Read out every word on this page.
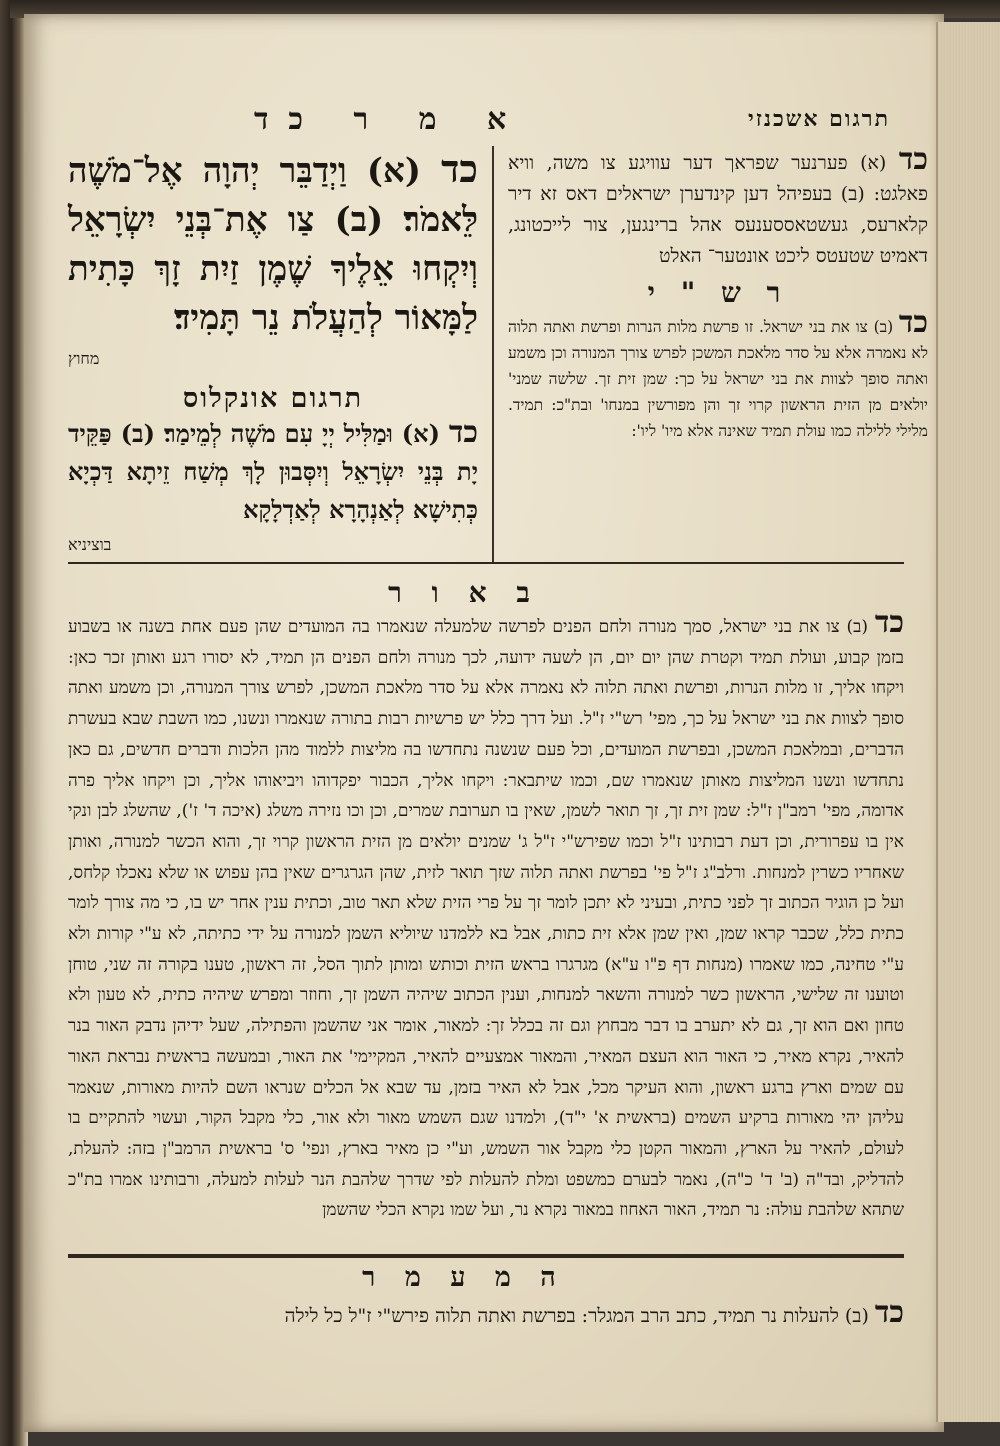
תרגום אשכנזי
א מ ר כד
כד (א) פערנער שפראך דער עוויגע צו משה, וויא פאלגט: (ב) בעפיהל דען קינדערן ישראלים דאס זא דיר קלארעס, געשטאססענעס אהל ברינגען, צור לייכטונג, דאמיט שטעטס ליכט אונטער־ האלט
ר ש " י
כד (ב) צו את בני ישראל. זו פרשת מלות הנרות ופרשת ואתה תלוה לא נאמרה אלא על סדר מלאכת המשכן לפרש צורך המנורה וכן משמע ואתה סופך לצוות את בני ישראל על כך: שמן זית זך. שלשה שמני' יולאים מן הזית הראשון קרוי זך והן מפורשין במנחו' ובת"כ: תמיד. מלילי ללילה כמו עולת תמיד שאינה אלא מיו' ליו':
כד (א) וַיְדַבֵּר יְהוָה אֶל־מֹשֶׁה לֵּאמֹר׃ (ב) צַו אֶת־בְּנֵי יִשְׂרָאֵל וְיִקְחוּ אֵלֶיךָ שֶׁמֶן זַיִת זָךְ כָּתִית לַמָּאוֹר לְהַעֲלֹת נֵר תָּמִיד׃
מחוץ
תרגום אונקלוס
כד (א) וּמַלִּיל יְיָ עִם מֹשֶׁה לְמֵימַר׃ (ב) פַּקֵּיד יָת בְּנֵי יִשְׂרָאֵל וְיִסְּבוּן לָךְ מְשַׁח זֵיתָא דַּכְיָא כְּתִישָׁא לְאַנְהָרָא לְאַדְלָקָא
בוציניא
ב א ו ר
כד (ב) צו את בני ישראל, סמך מנורה ולחם הפנים לפרשה שלמעלה שנאמרו בה המועדים שהן פעם אחת בשנה או בשבוע בזמן קבוע, ועולת תמיד וקטרת שהן יום יום, הן לשעה ידועה, לכך מנורה ולחם הפנים הן תמיד, לא יסורו רגע ואותן זכר כאן: ויקחו אליך, זו מלות הנרות, ופרשת ואתה תלוה לא נאמרה אלא על סדר מלאכת המשכן, לפרש צורך המנורה, וכן משמע ואתה סופך לצוות את בני ישראל על כך, מפי' רש"י ז"ל. ועל דרך כלל יש פרשיות רבות בתורה שנאמרו ונשנו, כמו השבת שבא בעשרת הדברים, ובמלאכת המשכן, ובפרשת המועדים, וכל פעם שנשנה נתחדשו בה מליצות ללמוד מהן הלכות ודברים חדשים, גם כאן נתחדשו ונשנו המליצות מאותן שנאמרו שם, וכמו שיתבאר: ויקחו אליך, הכבור יפקדוהו ויביאוהו אליך, וכן ויקחו אליך פרה אדומה, מפי' רמב"ן ז"ל: שמן זית זך, זך תואר לשמן, שאין בו תערובת שמרים, וכן וכו נזירה משלג (איכה ד' ז'), שהשלג לבן ונקי אין בו עפרורית, וכן דעת רבותינו ז"ל וכמו שפירש"י ז"ל ג' שמנים יולאים מן הזית הראשון קרוי זך, והוא הכשר למנורה, ואותן שאחריו כשרין למנחות. ורלב"ג ז"ל פי' בפרשת ואתה תלוה שזך תואר לזית, שהן הגרגרים שאין בהן עפוש או שלא נאכלו קלחס, ועל כן הוגיר הכתוב זך לפני כתית, ובעיני לא יתכן לומר זך על פרי הזית שלא תאר טוב, וכתית ענין אחר יש בו, כי מה צורך לומר כתית כלל, שכבר קראו שמן, ואין שמן אלא זית כתות, אבל בא ללמדנו שיוליא השמן למנורה על ידי כתיתה, לא ע"י קורות ולא ע"י טחינה, כמו שאמרו (מנחות דף פ"ו ע"א) מגרגרו בראש הזית וכותש ומותן לתוך הסל, זה ראשון, טענו בקורה זה שני, טוחן וטוענו זה שלישי, הראשון כשר למנורה והשאר למנחות, וענין הכתוב שיהיה השמן זך, וחוזר ומפרש שיהיה כתית, לא טעון ולא טחון ואם הוא זך, גם לא יתערב בו דבר מבחוץ וגם זה בכלל זך: למאור, אומר אני שהשמן והפתילה, שעל ידיהן נדבק האור בנר להאיר, נקרא מאיר, כי האור הוא העצם המאיר, והמאור אמצעיים להאיר, המקיימי' את האור, ובמעשה בראשית נבראת האור עם שמים וארץ ברגע ראשון, והוא העיקר מכל, אבל לא האיר בזמן, עד שבא אל הכלים שנראו השם להיות מאורות, שנאמר עליהן יהי מאורות ברקיע השמים (בראשית א' י"ד), ולמדנו שגם השמש מאור ולא אור, כלי מקבל הקור, ועשוי להתקיים בו לעולם, להאיר על הארץ, והמאור הקטן כלי מקבל אור השמש, וע"י כן מאיר בארץ, ונפי' ס' בראשית הרמב"ן בזה: להעלת, להדליק, ובד"ה (ב' ד' כ"ה), נאמר לבערם כמשפט ומלת להעלות לפי שדרך שלהבת הנר לעלות למעלה, ורבותינו אמרו בת"כ שתהא שלהבת עולה: נר תמיד, האור האחוז במאור נקרא נר, ועל שמו נקרא הכלי שהשמן
ה מ ע מ ר
כד (ב) להעלות נר תמיד, כתב הרב המגלר: בפרשת ואתה תלוה פירש"י ז"ל כל לילה
